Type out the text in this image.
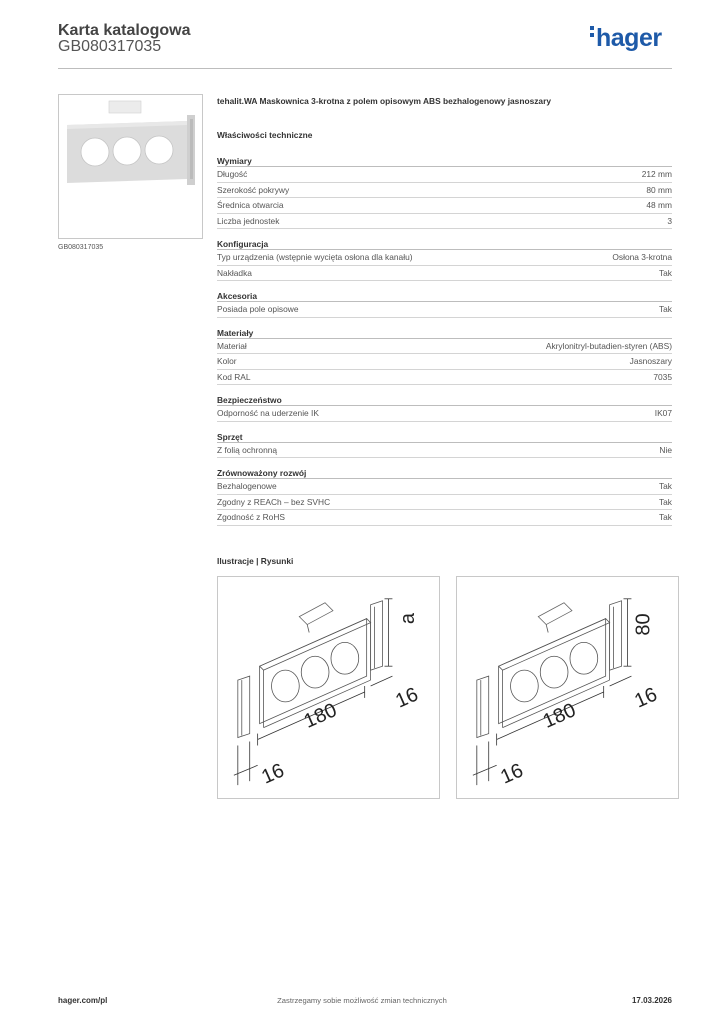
Karta katalogowa
GB080317035	hager
GB080317035
tehalit.WA Maskownica 3-krotna z polem opisowym ABS bezhalogenowy jasnoszary
Właściwości techniczne
Wymiary
Długość	212 mm
Szerokość pokrywy	80 mm
Średnica otwarcia	48 mm
Liczba jednostek	3
Konfiguracja
Typ urządzenia (wstępnie wycięta osłona dla kanału)	Osłona 3-krotna
Nakładka	Tak
Akcesoria
Posiada pole opisowe	Tak
Materiały
Materiał	Akrylonitryl-butadien-styren (ABS)
Kolor	Jasnoszary
Kod RAL	7035
Bezpieczeństwo
Odporność na uderzenie IK	IK07
Sprzęt
Z folią ochronną	Nie
Zrównoważony rozwój
Bezhalogenowe	Tak
Zgodny z REACh – bez SVHC	Tak
Zgodność z RoHS	Tak
Ilustracje | Rysunki
a
180
16
16
80
180
16
16
hager.com/pl	Zastrzegamy sobie możliwość zmian technicznych	17.03.2026
